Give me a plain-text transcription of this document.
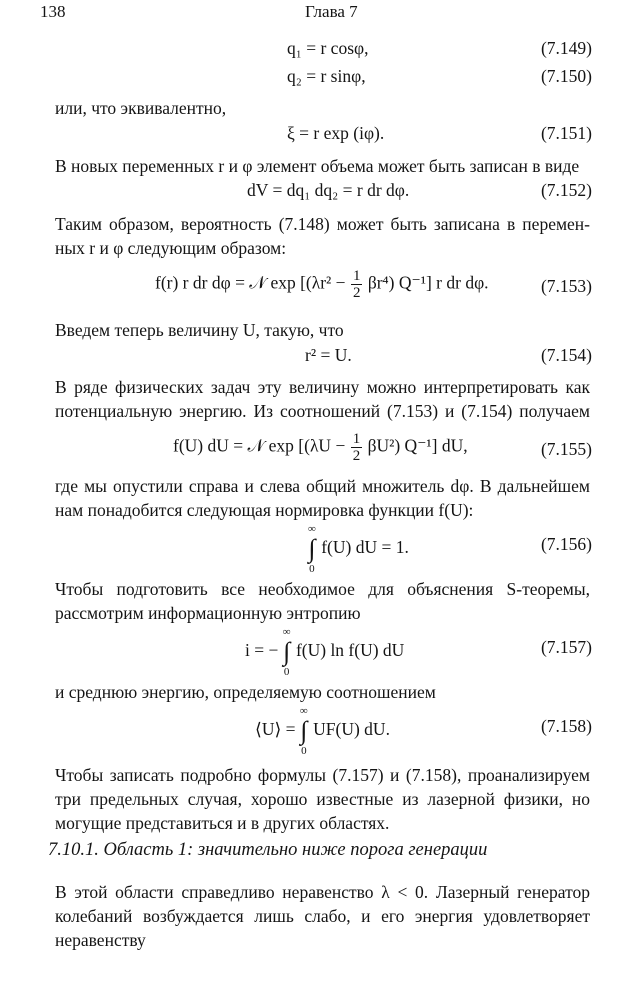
138	Глава 7
q₁ = r cosφ,	(7.149)
q₂ = r sinφ,	(7.150)
или, что эквивалентно,
ξ = r exp (iφ).	(7.151)
В новых переменных r и φ элемент объема может быть записан в виде
dV = dq₁ dq₂ = r dr dφ.	(7.152)
Таким образом, вероятность (7.148) может быть записана в перемен-
ных r и φ следующим образом:
f(r) r dr dφ = 𝒩 $\exp [(\lambda r^2 - \frac{1}{2} \beta r^4)$ Q⁻¹] r dr dφ.	(7.153)
Введем теперь величину U, такую, что
r² = U.	(7.154)
В ряде физических задач эту величину можно интерпретировать как
потенциальную энергию. Из соотношений (7.153) и (7.154) получаем
f(U) dU = 𝒩 $\exp [(\lambda U - \frac{1}{2} \beta U^2)$ Q⁻¹] dU,	(7.155)
где мы опустили справа и слева общий множитель dφ. В дальнейшем
нам понадобится следующая нормировка функции f(U):
∞
∫
0
f(U) dU = 1.	(7.156)
Чтобы подготовить все необходимое для объяснения S-теоремы,
рассмотрим информационную энтропию
i = −
∞
∫
0
f(U) ln f(U) dU	(7.157)
и среднюю энергию, определяемую соотношением
⟨U⟩ =
∞
∫
0
UF(U) dU.	(7.158)
Чтобы записать подробно формулы (7.157) и (7.158), проанализируем
три предельных случая, хорошо известные из лазерной физики, но
могущие представиться и в других областях.
7.10.1. Область 1: значительно ниже порога генерации
В этой области справедливо неравенство λ < 0. Лазерный генератор
колебаний возбуждается лишь слабо, и его энергия удовлетворяет
неравенству
